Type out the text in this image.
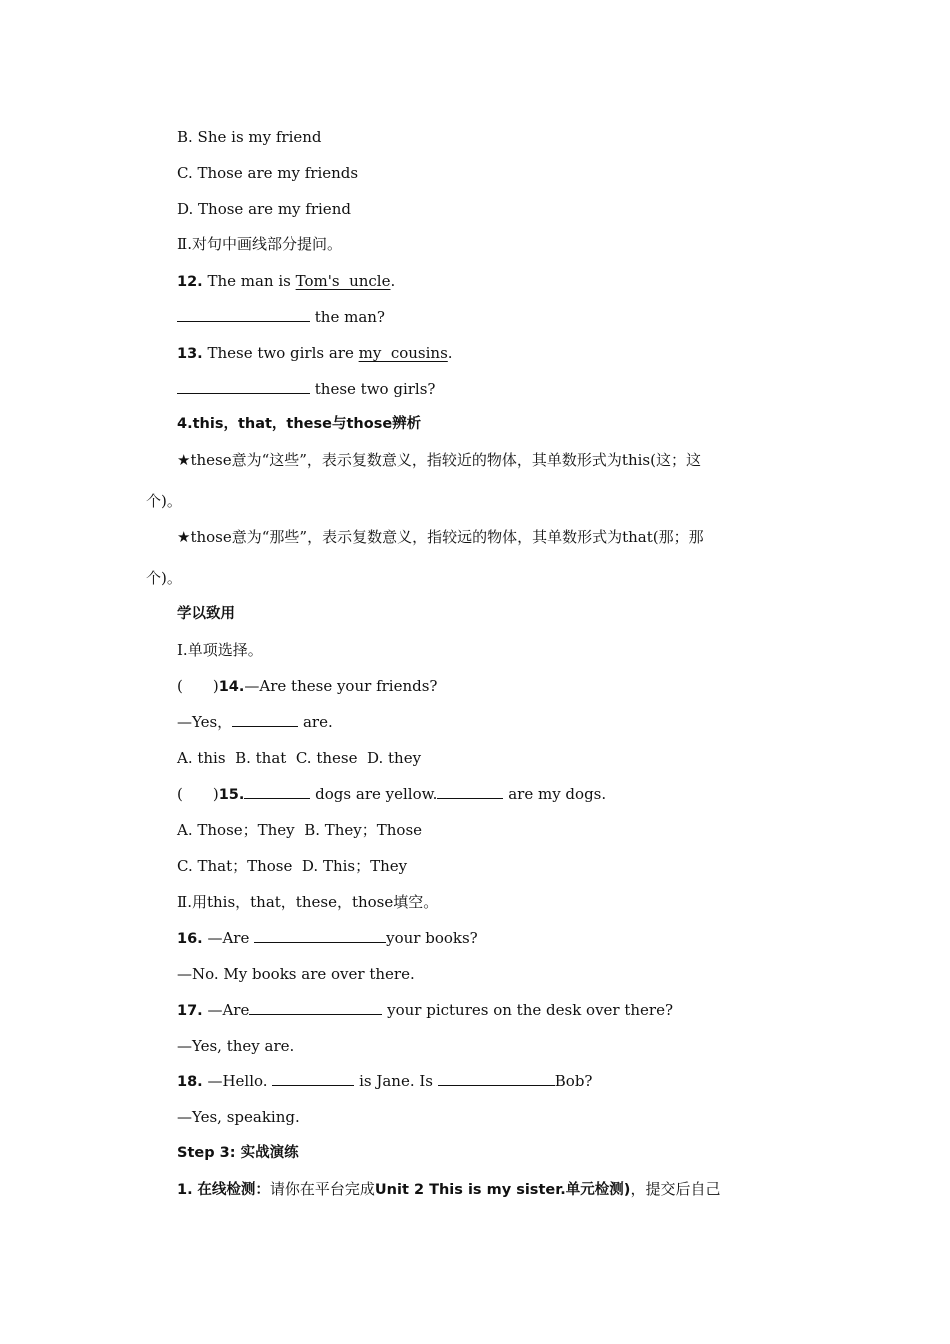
B. She is my friend
C. Those are my friends
D. Those are my friend
Ⅱ.对句中画线部分提问。
12. The man is Tom's  uncle.
the man?
13. These two girls are my  cousins.
these two girls?
4.this，that，these与those辨析
★these意为“这些”，表示复数意义，指较近的物体，其单数形式为this(这；这
个)。
★those意为“那些”，表示复数意义，指较远的物体，其单数形式为that(那；那
个)。
学以致用
Ⅰ.单项选择。
(　　)14.—Are these your friends?
—Yes，	are.
A. this  B. that  C. these  D. they
(　　)15.	dogs are yellow.	are my dogs.
A. Those；They  B. They；Those
C. That；Those  D. This；They
Ⅱ.用this，that，these，those填空。
16. —Are	your books?
—No. My books are over there.
17. —Are	your pictures on the desk over there?
—Yes, they are.
18. —Hello.	is Jane. Is	Bob?
—Yes, speaking.
Step 3: 实战演练
1. 在线检测：请你在平台完成Unit 2 This is my sister.单元检测)，提交后自己
